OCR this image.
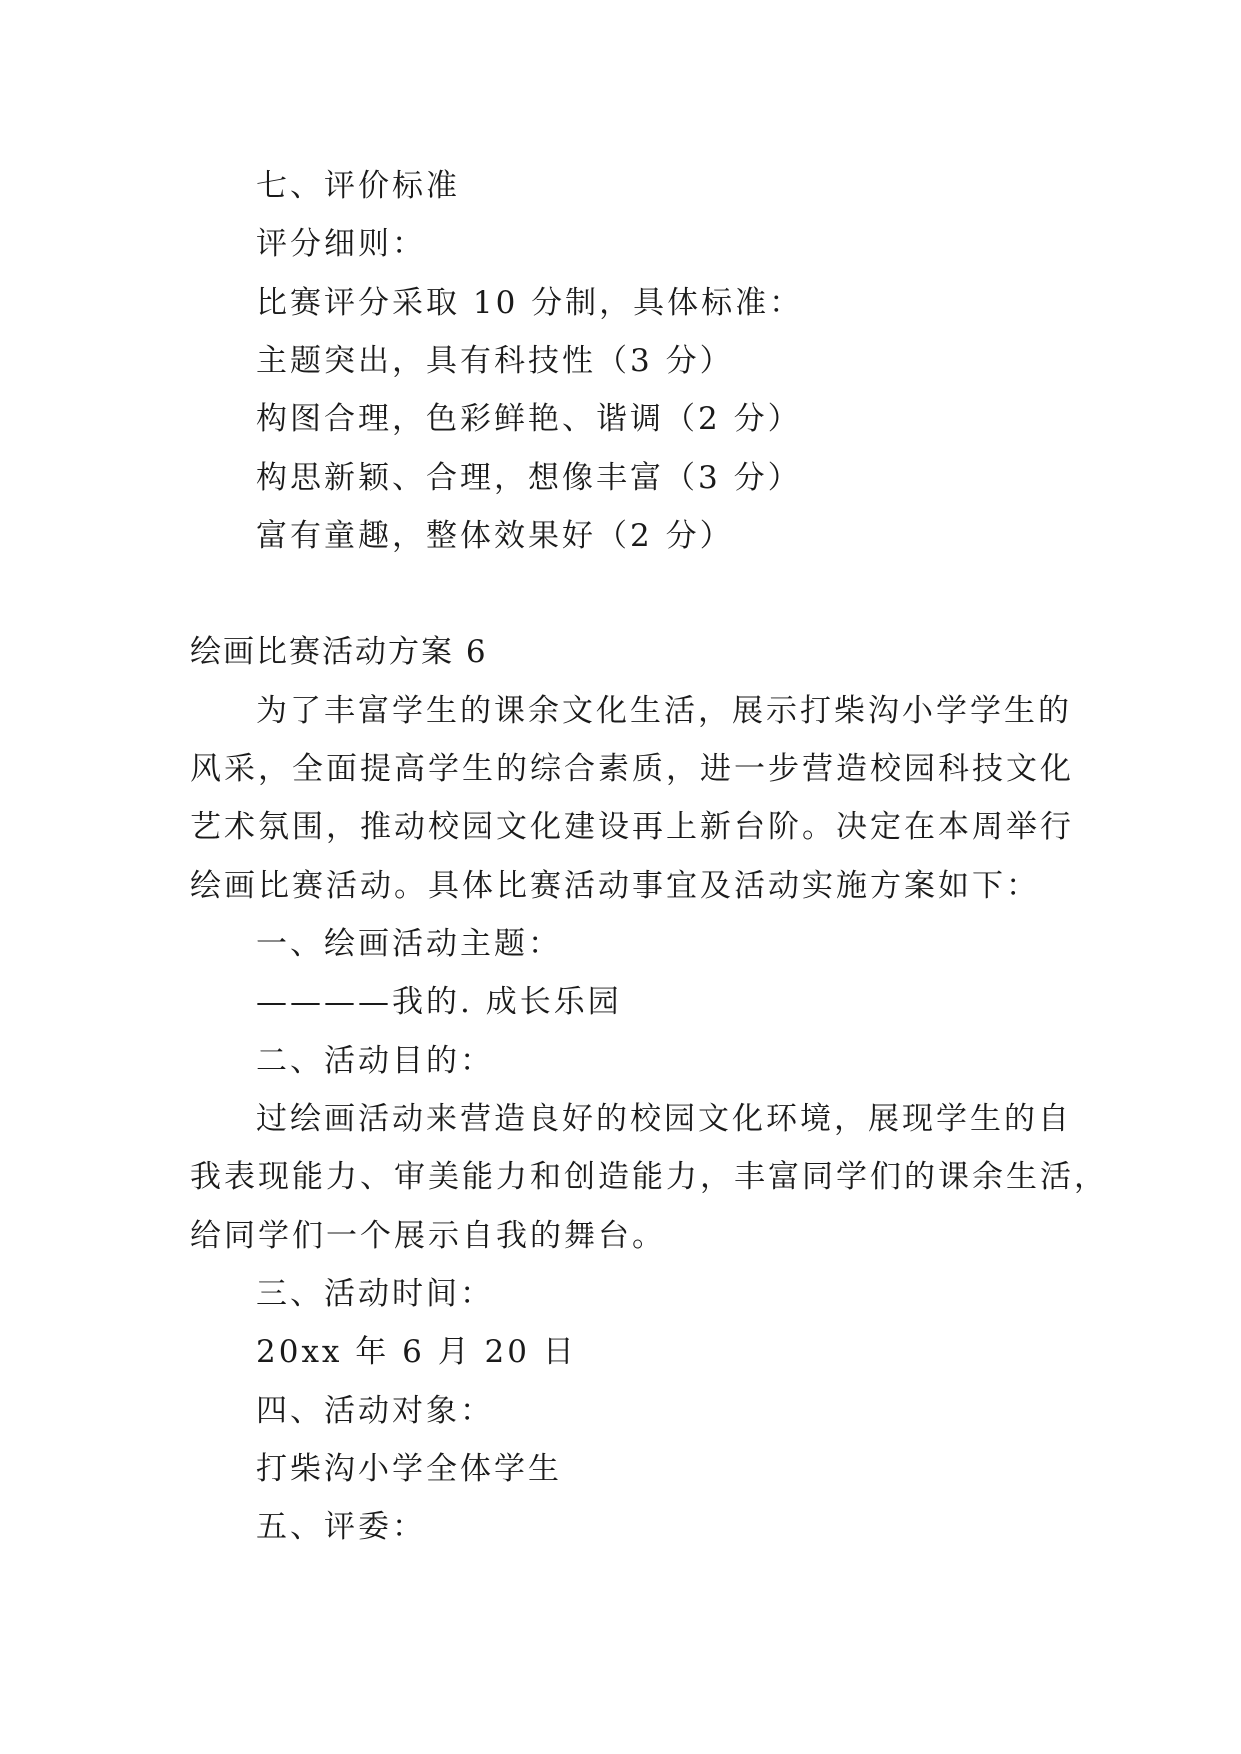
七、评价标准

评分细则：

比赛评分采取 10 分制，具体标准：

主题突出，具有科技性（3 分）

构图合理，色彩鲜艳、谐调（2 分）

构思新颖、合理，想像丰富（3 分）

富有童趣，整体效果好（2 分）

绘画比赛活动方案 6

为了丰富学生的课余文化生活，展示打柴沟小学学生的

风采，全面提高学生的综合素质，进一步营造校园科技文化

艺术氛围，推动校园文化建设再上新台阶。决定在本周举行

绘画比赛活动。具体比赛活动事宜及活动实施方案如下：

一、绘画活动主题：

————我的. 成长乐园

二、活动目的：

过绘画活动来营造良好的校园文化环境，展现学生的自

我表现能力、审美能力和创造能力，丰富同学们的课余生活，

给同学们一个展示自我的舞台。

三、活动时间：

20xx 年 6 月 20 日

四、活动对象：

打柴沟小学全体学生

五、评委：
